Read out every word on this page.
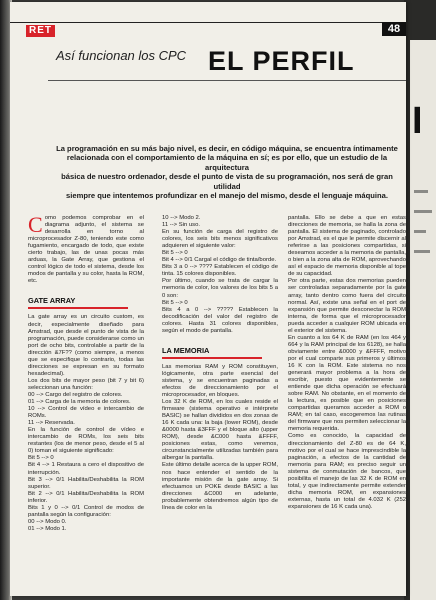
I
RET	48
Así funcionan los CPC EL PERFIL
La programación en su más bajo nivel, es decir, en código máquina, se encuentra íntimamente
relacionada con el comportamiento de la máquina en sí; es por ello, que un estudio de la arquitectura
básica de nuestro ordenador, desde el punto de vista de su programación, nos será de gran utilidad
siempre que intentemos profundizar en el manejo del mismo, desde el lenguaje máquina.

Como podemos comprobar en el diagrama adjunto, el sistema se desarrolla en torno al microprocesador Z-80, teniendo este como fugamiento, encargado de todo, que existe cierto trabajo, las de unas pocas más arduas, la Gate Array, que gestiona el control lógico de todo el sistema, desde los modos de pantalla y su color, hasta la ROM, etc.

GATE ARRAY

La gate array es un circuito custom, es decir, especialmente diseñado para Amstrad, que desde el punto de vista de la programación, puede considerarse como un port de ocho bits, controlable a partir de la dirección &7F?? (como siempre, a menos que se especifique lo contrario, todas las direcciones se expresan en su formato hexadecimal).

Los dos bits de mayor peso (bit 7 y bit 6) seleccionan una función:

00 --> Cargo del registro de colores.

01 --> Carga de la memoria de colores.

10 --> Control de vídeo e intercambio de ROMs.

11 --> Reservada.

En la función de control de vídeo e intercambio de ROMs, los seis bits restantes (los de menor peso, desde el 5 al 0) toman el siguiente significado:

Bit 5 --> 0

Bit 4 --> 1 Restaura a cero el dispositivo de interrupción.

Bit 3 --> 0/1 Habilita/Deshabilita la ROM superior.

Bit 2 --> 0/1 Habilita/Deshabilita la ROM inferior.

Bits 1 y 0 --> 0/1 Control de modos de pantalla según la configuración:

00 --> Modo 0.

01 --> Modo 1.

10 --> Modo 2.

11 --> Sin uso.

En su función de carga del registro de colores, los seis bits menos significativos adquieren el siguiente valor:

Bit 5 --> 0

Bit 4 --> 0/1 Cargal el código de tinta/borde.

Bits 3 a 0 --> ???? Establecen el código de tinta. 15 colores disponibles.

Por último, cuando se trata de cargar la memoria de color, los valores de los bits 5 a 0 son:

Bit 5 --> 0

Bits 4 a 0 --> ????? Establecen la decodificación del valor del registro de colores. Hasta 31 colores disponibles, según el modo de pantalla.

LA MEMORIA

Las memorias RAM y ROM constituyen, lógicamente, otra parte esencial del sistema, y se encuentran paginadas a efectos de direccionamiento por el microprocesador, en bloques.

Los 32 K de ROM, en los cuales reside el firmware (sistema operativo e intérprete BASIC) se hallan divididos en dos zonas de 16 K cada una: la baja (lower ROM), desde &0000 hasta &3FFF y el bloque alto (upper ROM), desde &C000 hasta &FFFF, posiciones estas, como veremos, circunstancialmente utilizadas también para albergar la pantalla.

Este último detalle acerca de la upper ROM, nos hace entender el sentido de la importante misión de la gate array. Si efectuamos un POKE desde BASIC a las direcciones &C000 en adelante, probablemente obtendremos algún tipo de línea de color en la

pantalla. Ello se debe a que en estas direcciones de memoria, se halla la zona de pantalla. El sistema de paginado, controlado por Amstrad, es el que le permite discernir al referirse a las posiciones compartidas, si deseamos acceder a la memoria de pantalla, o bien a la zona alta de ROM, aprovechando así el espacio de memoria disponible al tope de su capacidad.

Por otra parte, estas dos memorias pueden ser controladas separadamente por la gate array, tanto dentro como fuera del circuito normal. Así, existe una señal en el port de expansión que permite desconectar la ROM interna, de forma que el microprocesador pueda acceder a cualquier ROM ubicada en el exterior del sistema.

En cuanto a los 64 K de RAM (en los 464 y 664 y la RAM principal de los 6128), se halla obviamente entre &0000 y &FFFF, motivo por el cual comparte sus primeros y últimos 16 K con la ROM. Este sistema no nos generará mayor problema a la hora de escribir, puesto que evidentemente se entiende que dicha operación se efectuará sobre RAM. No obstante, en el momento de la lectura, es posible que en posiciones compartidas queramos acceder a ROM o RAM; en tal caso, escogeremos las rutinas del firmware que nos permiten seleccionar la memoria requerida.

Como es conocido, la capacidad de direccionamiento del Z-80 es de 64 K, motivo por el cual se hace imprescindible la paginación, a efectos de la cantidad de memoria para RAM; es preciso seguir un sistema de conmutación de bancos, que posibilita el manejo de las 32 K de ROM en total, y que indirectamente permite extender dicha memoria ROM, en expansiones externas, hasta un total de 4.032 K (252 expansiones de 16 K cada una).
